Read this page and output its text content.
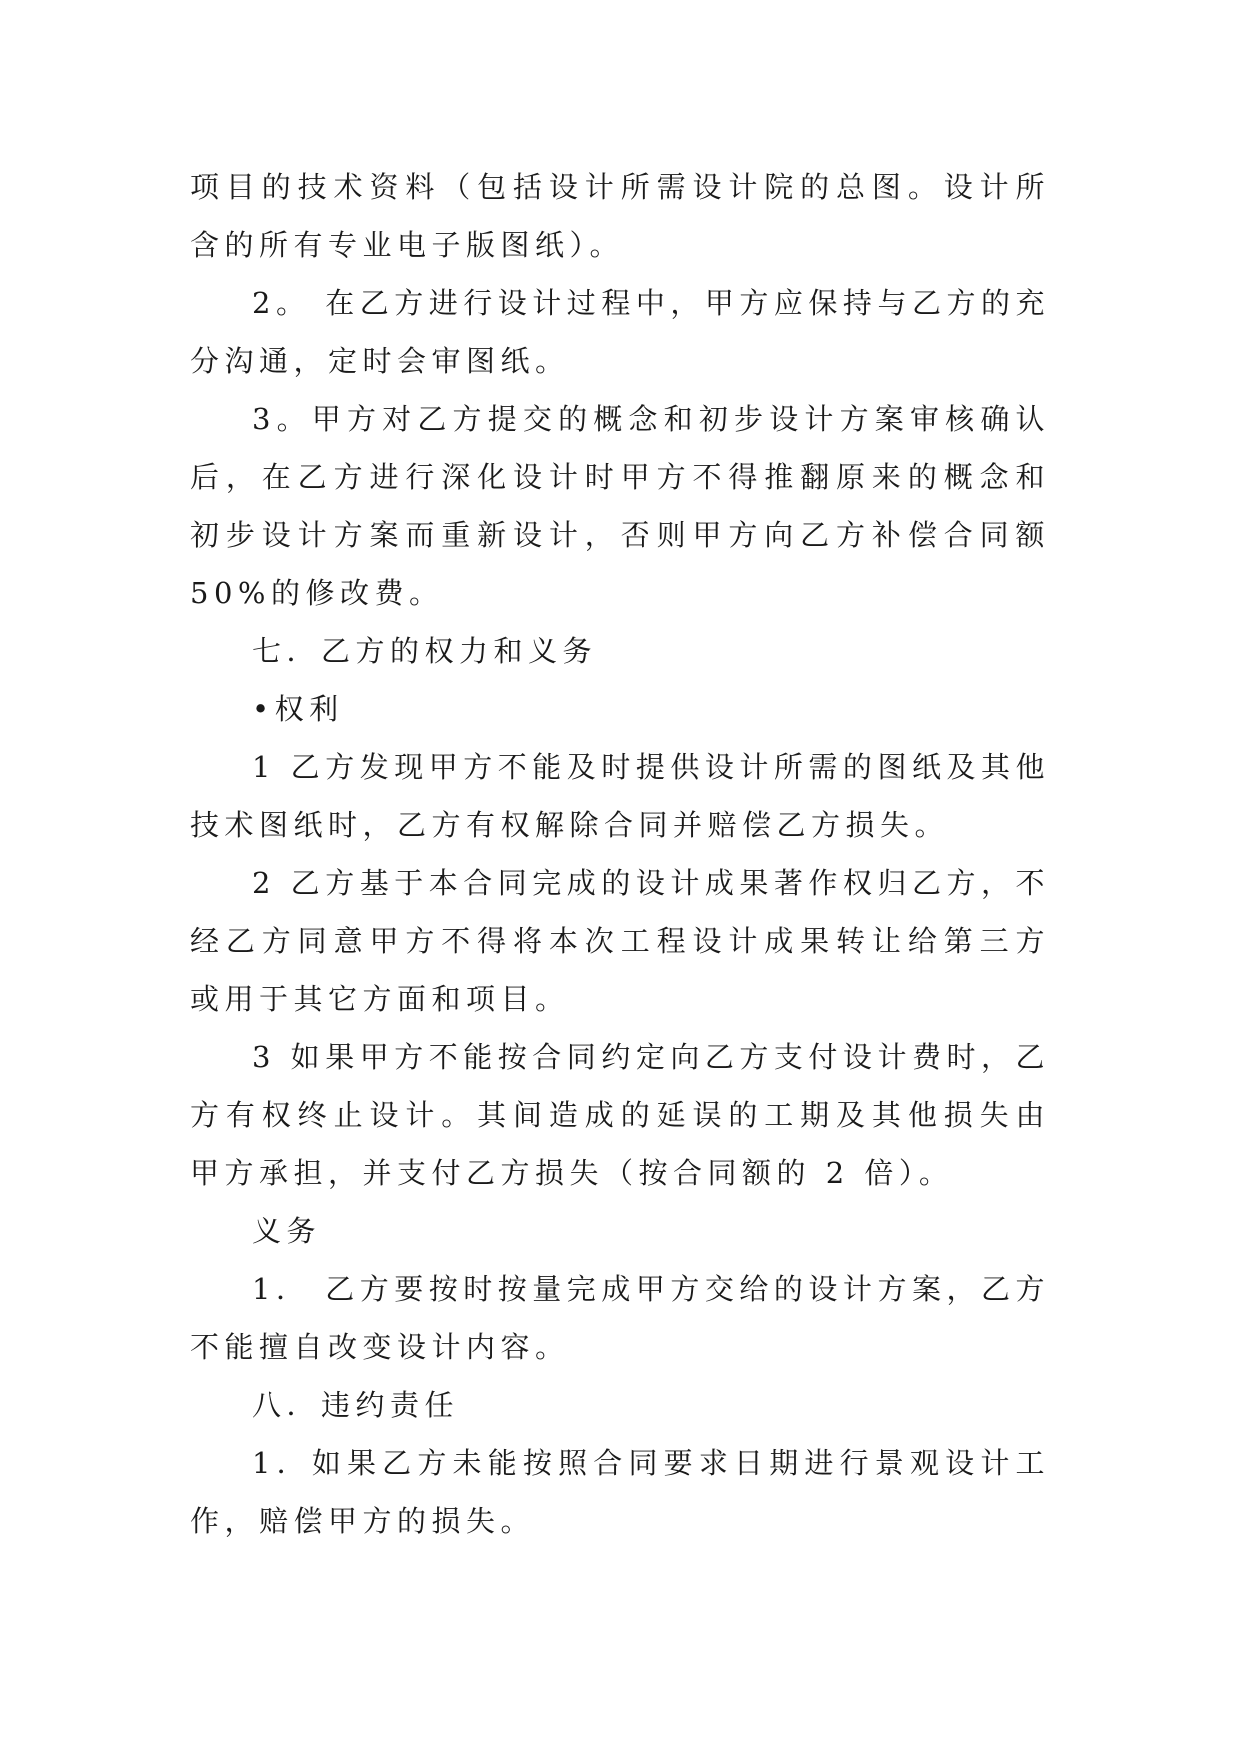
项目的技术资料（包括设计所需设计院的总图。设计所含的所有专业电子版图纸）。

2。 在乙方进行设计过程中，甲方应保持与乙方的充分沟通，定时会审图纸。

3。甲方对乙方提交的概念和初步设计方案审核确认后，在乙方进行深化设计时甲方不得推翻原来的概念和初步设计方案而重新设计，否则甲方向乙方补偿合同额 50%的修改费。

七．乙方的权力和义务

•权利

1 乙方发现甲方不能及时提供设计所需的图纸及其他技术图纸时，乙方有权解除合同并赔偿乙方损失。

2 乙方基于本合同完成的设计成果著作权归乙方，不经乙方同意甲方不得将本次工程设计成果转让给第三方或用于其它方面和项目。

3 如果甲方不能按合同约定向乙方支付设计费时，乙方有权终止设计。其间造成的延误的工期及其他损失由甲方承担，并支付乙方损失（按合同额的 2 倍）。

义务

1． 乙方要按时按量完成甲方交给的设计方案，乙方不能擅自改变设计内容。

八．违约责任

1．如果乙方未能按照合同要求日期进行景观设计工作，赔偿甲方的损失。
